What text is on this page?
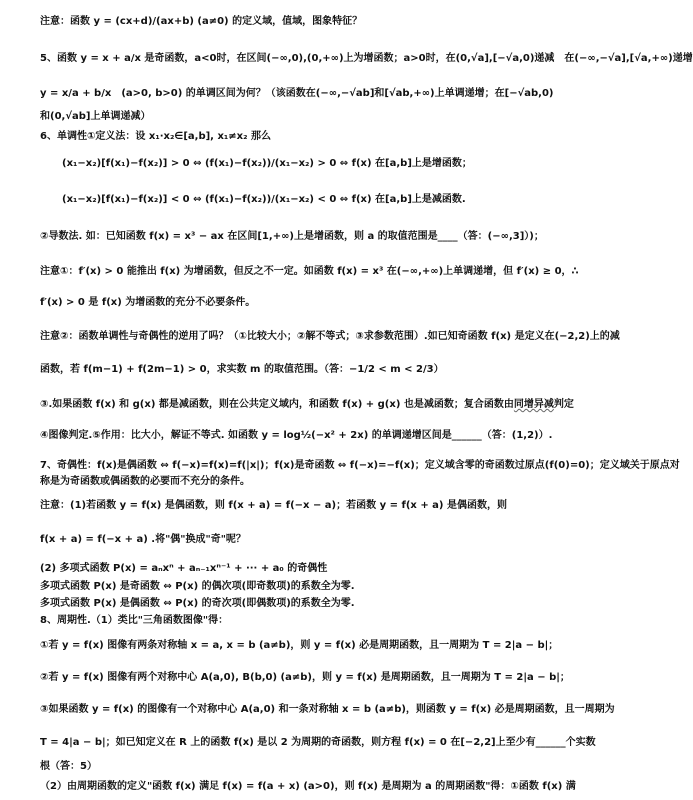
注意：函数 y = (cx+d)/(ax+b) (a≠0) 的定义域，值域，图象特征？
5、函数 y = x + a/x 是奇函数，a<0时，在区间(−∞,0),(0,+∞)上为增函数；a>0时，在(0,√a],[−√a,0)递减　在(−∞,−√a],[√a,+∞)递增
y = x/a + b/x　(a>0, b>0) 的单调区间为何？（该函数在(−∞,−√ab]和[√ab,+∞)上单调递增；在[−√ab,0)
和(0,√ab]上单调递减）
6、单调性①定义法：设 x₁·x₂∈[a,b], x₁≠x₂ 那么
(x₁−x₂)[f(x₁)−f(x₂)] > 0 ⇔ (f(x₁)−f(x₂))/(x₁−x₂) > 0 ⇔ f(x) 在[a,b]上是增函数；
(x₁−x₂)[f(x₁)−f(x₂)] < 0 ⇔ (f(x₁)−f(x₂))/(x₁−x₂) < 0 ⇔ f(x) 在[a,b]上是减函数.
②导数法. 如：已知函数 f(x) = x³ − ax 在区间[1,+∞)上是增函数，则 a 的取值范围是____（答：(−∞,3]）)；
注意①：f′(x) > 0 能推出 f(x) 为增函数，但反之不一定。如函数 f(x) = x³ 在(−∞,+∞)上单调递增，但 f′(x) ≥ 0，∴
f′(x) > 0 是 f(x) 为增函数的充分不必要条件。
注意②：函数单调性与奇偶性的逆用了吗？（①比较大小；②解不等式；③求参数范围）.如已知奇函数 f(x) 是定义在(−2,2)上的减
函数，若 f(m−1) + f(2m−1) > 0，求实数 m 的取值范围。（答：−1/2 < m < 2/3）
③.如果函数 f(x) 和 g(x) 都是减函数，则在公共定义域内，和函数 f(x) + g(x) 也是减函数；复合函数由同增异减判定
④图像判定.⑤作用：比大小，解证不等式. 如函数 y = log½(−x² + 2x) 的单调递增区间是______（答：(1,2)）.
7、奇偶性：f(x)是偶函数 ⇔ f(−x)=f(x)=f(|x|)；f(x)是奇函数 ⇔ f(−x)=−f(x)；定义域含零的奇函数过原点(f(0)=0)；定义域关于原点对
称是为奇函数或偶函数的必要而不充分的条件。
注意：(1)若函数 y = f(x) 是偶函数，则 f(x + a) = f(−x − a)；若函数 y = f(x + a) 是偶函数，则
f(x + a) = f(−x + a) .将"偶"换成"奇"呢？
(2) 多项式函数 P(x) = aₙxⁿ + aₙ₋₁xⁿ⁻¹ + ··· + a₀ 的奇偶性
多项式函数 P(x) 是奇函数 ⇔ P(x) 的偶次项(即奇数项)的系数全为零.
多项式函数 P(x) 是偶函数 ⇔ P(x) 的奇次项(即偶数项)的系数全为零.
8、周期性.（1）类比"三角函数图像"得：
①若 y = f(x) 图像有两条对称轴 x = a, x = b (a≠b)，则 y = f(x) 必是周期函数，且一周期为 T = 2|a − b|；
②若 y = f(x) 图像有两个对称中心 A(a,0), B(b,0) (a≠b)，则 y = f(x) 是周期函数，且一周期为 T = 2|a − b|；
③如果函数 y = f(x) 的图像有一个对称中心 A(a,0) 和一条对称轴 x = b (a≠b)，则函数 y = f(x) 必是周期函数，且一周期为
T = 4|a − b|；如已知定义在 R 上的函数 f(x) 是以 2 为周期的奇函数，则方程 f(x) = 0 在[−2,2]上至少有______个实数
根（答：5）
（2）由周期函数的定义"函数 f(x) 满足 f(x) = f(a + x) (a>0)，则 f(x) 是周期为 a 的周期函数"得：①函数 f(x) 满
